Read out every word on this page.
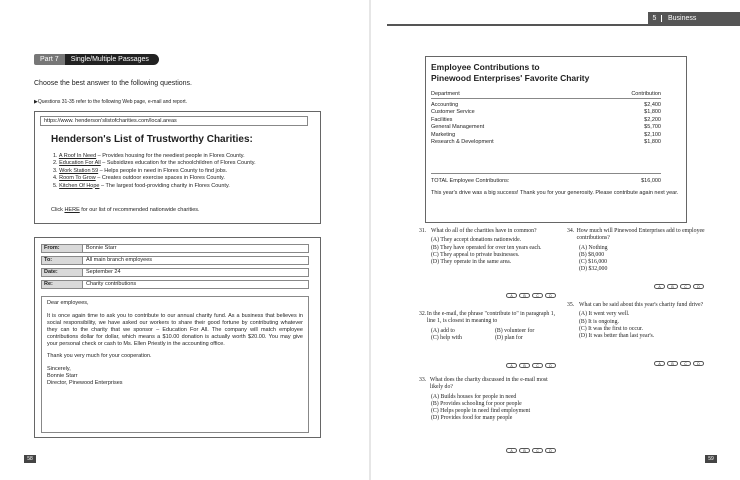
Part 7	Single/Multiple Passages
Choose the best answer to the following questions.
▶Questions 31-35 refer to the following Web page, e-mail and report.
https://www. henderson'slistofcharities.com/local.areas
Henderson's List of Trustworthy Charities:
1. A Roof In Need – Provides housing for the neediest people in Flores County.
2. Education For All – Subsidizes education for the schoolchildren of Flores County.
3. Work Station 59 – Helps people in need in Flores County to find jobs.
4. Room To Grow – Creates outdoor exercise spaces in Flores County.
5. Kitchen Of Hope – The largest food-providing charity in Flores County.
Click HERE for our list of recommended nationwide charities.
From:	Bonnie Starr
To:	All main branch employees
Date:	September 24
Re:	Charity contributions

Dear employees,

It is once again time to ask you to contribute to our annual charity fund. As a business that believes in social responsibility, we have asked our workers to share their good fortune by contributing whatever they can to the charity that we sponsor – Education For All. The company will match employee contributions dollar for dollar, which means a $10.00 donation is actually worth $20.00. You may give your personal check or cash to Ms. Ellen Priestly in the accounting office.

Thank you very much for your cooperation.

Sincerely,
Bonnie Starr
Director, Pinewood Enterprises
58
5	Business
Employee Contributions to
Pinewood Enterprises' Favorite Charity
Department	Contribution
Accounting	$2,400
Customer Service	$1,800
Facilities	$2,200
General Management	$5,700
Marketing	$2,100
Research & Development	$1,800
TOTAL Employee Contributions:	$16,000
This year's drive was a big success! Thank you for your generosity. Please contribute again next year.
31. What do all of the charities have in common?
(A) They accept donations nationwide.
(B) They have operated for over ten years each.
(C) They appeal to private businesses.
(D) They operate in the same area.
A	B	C	D
32. In the e-mail, the phrase "contribute to" in paragraph 1, line 1, is closest in meaning to
(A) add to	(B) volunteer for
(C) help with	(D) plan for
A	B	C	D
33. What does the charity discussed in the e-mail most likely do?
(A) Builds houses for people in need
(B) Provides schooling for poor people
(C) Helps people in need find employment
(D) Provides food for many people
A	B	C	D
34. How much will Pinewood Enterprises add to employee contributions?
(A) Nothing
(B) $8,000
(C) $16,000
(D) $32,000
A	B	C	D
35. What can be said about this year's charity fund drive?
(A) It went very well.
(B) It is ongoing.
(C) It was the first to occur.
(D) It was better than last year's.
A	B	C	D
59
